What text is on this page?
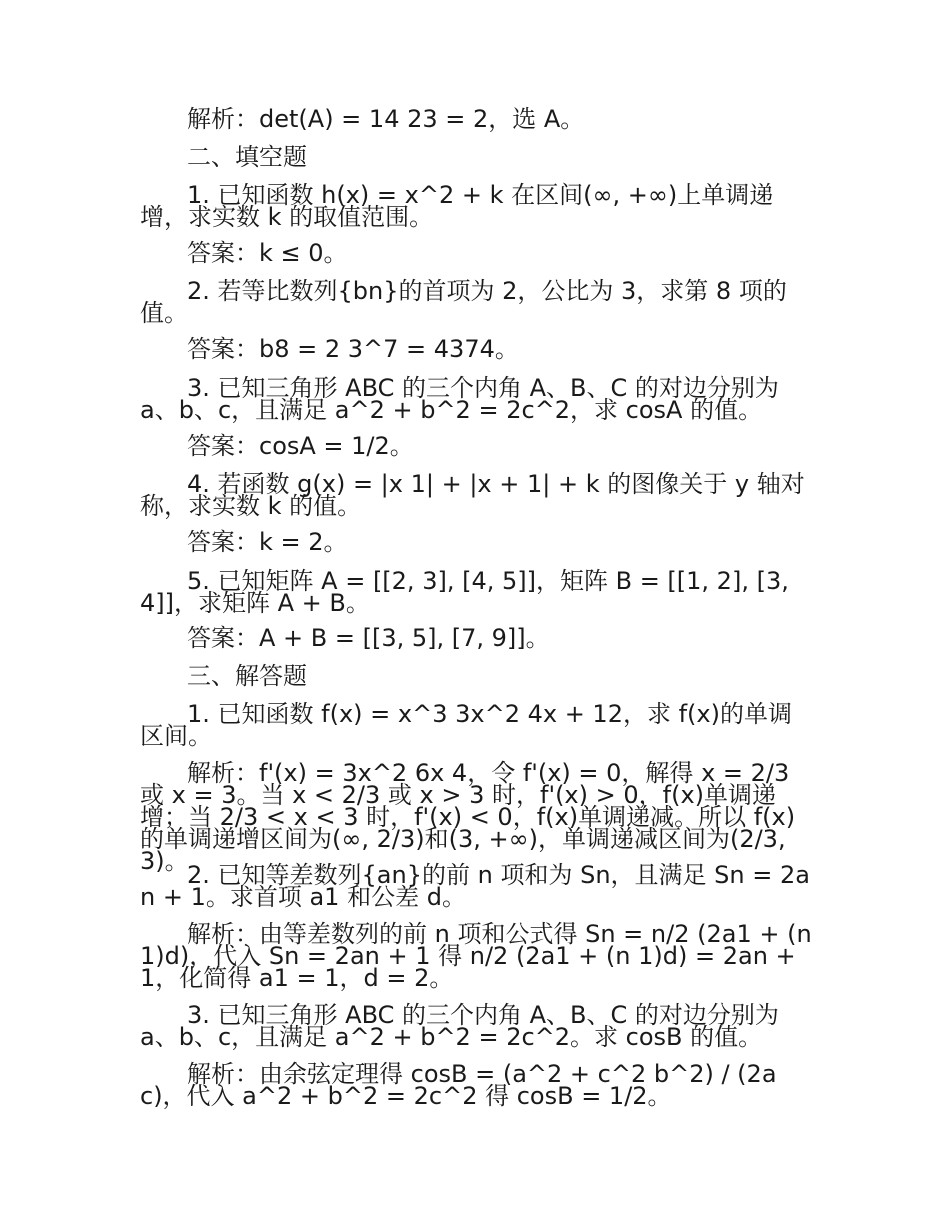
解析：det(A) = 14 23 = 2，选 A。

二、填空题

1. 已知函数 h(x) = x^2 + k 在区间(∞, +∞)上单调递增，求实数 k 的取值范围。

答案：k ≤ 0。

2. 若等比数列{bn}的首项为 2，公比为 3，求第 8 项的值。

答案：b8 = 2 3^7 = 4374。

3. 已知三角形 ABC 的三个内角 A、B、C 的对边分别为 a、b、c，且满足 a^2 + b^2 = 2c^2，求 cosA 的值。

答案：cosA = 1/2。

4. 若函数 g(x) = |x 1| + |x + 1| + k 的图像关于 y 轴对称，求实数 k 的值。

答案：k = 2。

5. 已知矩阵 A = [[2, 3], [4, 5]]，矩阵 B = [[1, 2], [3, 4]]，求矩阵 A + B。

答案：A + B = [[3, 5], [7, 9]]。

三、解答题

1. 已知函数 f(x) = x^3 3x^2 4x + 12，求 f(x)的单调区间。

解析：f'(x) = 3x^2 6x 4，令 f'(x) = 0，解得 x = 2/3 或 x = 3。当 x < 2/3 或 x > 3 时，f'(x) > 0，f(x)单调递增；当 2/3 < x < 3 时，f'(x) < 0，f(x)单调递减。所以 f(x)的单调递增区间为(∞, 2/3)和(3, +∞)，单调递减区间为(2/3, 3)。

2. 已知等差数列{an}的前 n 项和为 Sn，且满足 Sn = 2an + 1。求首项 a1 和公差 d。

解析：由等差数列的前 n 项和公式得 Sn = n/2 (2a1 + (n 1)d)，代入 Sn = 2an + 1 得 n/2 (2a1 + (n 1)d) = 2an + 1，化简得 a1 = 1，d = 2。

3. 已知三角形 ABC 的三个内角 A、B、C 的对边分别为 a、b、c，且满足 a^2 + b^2 = 2c^2。求 cosB 的值。

解析：由余弦定理得 cosB = (a^2 + c^2 b^2) / (2ac)，代入 a^2 + b^2 = 2c^2 得 cosB = 1/2。
